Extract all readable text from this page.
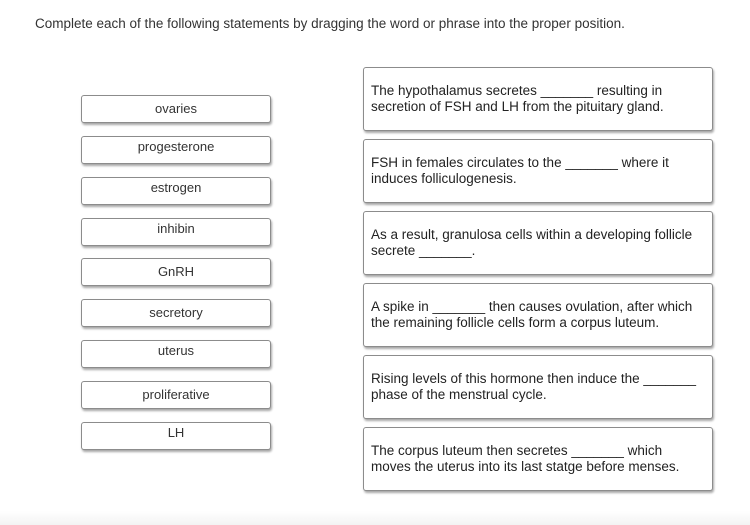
Complete each of the following statements by dragging the word or phrase into the proper position.
ovaries
progesterone
estrogen
inhibin
GnRH
secretory
uterus
proliferative
LH

The hypothalamus secretes _______ resulting in secretion of FSH and LH from the pituitary gland.

FSH in females circulates to the _______ where it induces folliculogenesis.

As a result, granulosa cells within a developing follicle secrete _______.

A spike in _______ then causes ovulation, after which the remaining follicle cells form a corpus luteum.

Rising levels of this hormone then induce the _______ phase of the menstrual cycle.

The corpus luteum then secretes _______ which moves the uterus into its last statge before menses.
